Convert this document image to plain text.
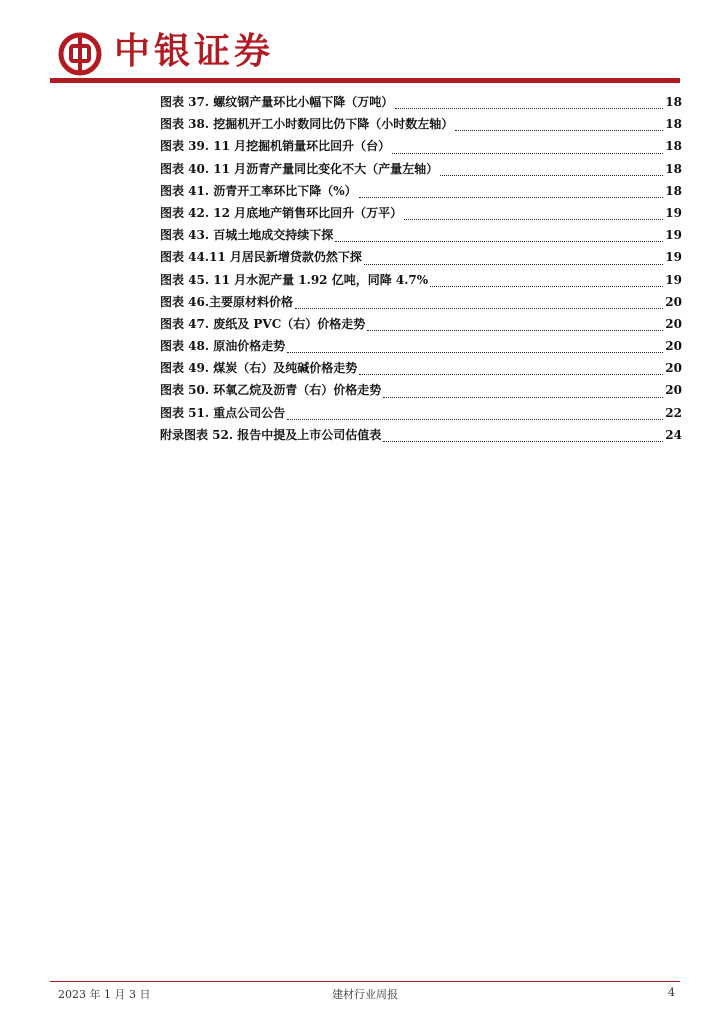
中银证券
图表 37. 螺纹钢产量环比小幅下降（万吨）	18
图表 38. 挖掘机开工小时数同比仍下降（小时数左轴）	18
图表 39. 11 月挖掘机销量环比回升（台）	18
图表 40. 11 月沥青产量同比变化不大（产量左轴）	18
图表 41. 沥青开工率环比下降（%）	18
图表 42. 12 月底地产销售环比回升（万平）	19
图表 43. 百城土地成交持续下探	19
图表 44.11 月居民新增贷款仍然下探	19
图表 45. 11 月水泥产量 1.92 亿吨，同降 4.7%	19
图表 46.主要原材料价格	20
图表 47. 废纸及 PVC（右）价格走势	20
图表 48. 原油价格走势	20
图表 49. 煤炭（右）及纯碱价格走势	20
图表 50. 环氧乙烷及沥青（右）价格走势	20
图表 51. 重点公司公告	22
附录图表 52. 报告中提及上市公司估值表	24
2023 年 1 月 3 日	建材行业周报	4
